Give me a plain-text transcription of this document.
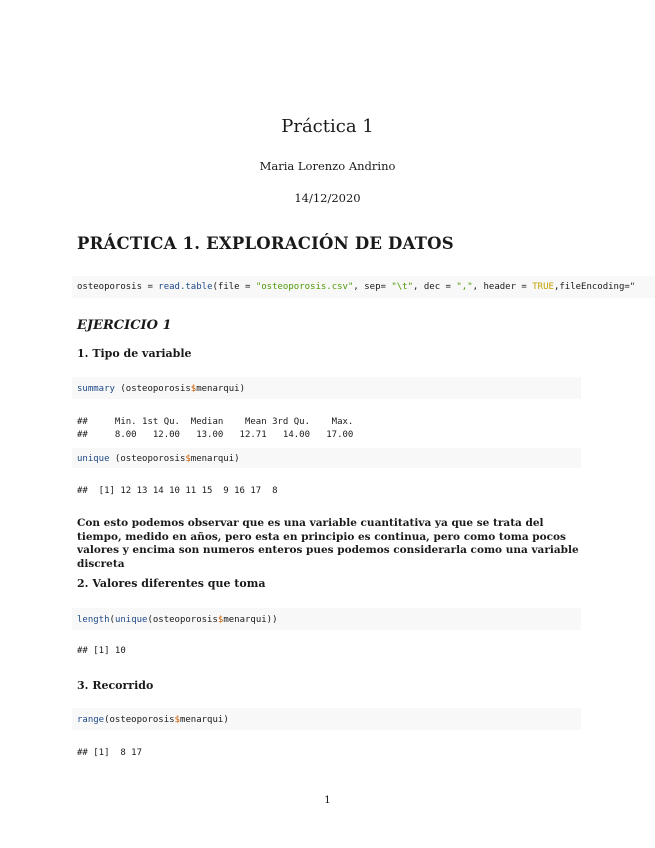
Práctica 1
Maria Lorenzo Andrino
14/12/2020
PRÁCTICA 1. EXPLORACIÓN DE DATOS
osteoporosis = read.table(file = "osteoporosis.csv", sep= "\t", dec = ",", header = TRUE,fileEncoding="
EJERCICIO 1
1. Tipo de variable
summary (osteoporosis$menarqui)
##     Min. 1st Qu.  Median    Mean 3rd Qu.    Max.
##     8.00   12.00   13.00   12.71   14.00   17.00
unique (osteoporosis$menarqui)
##  [1] 12 13 14 10 11 15  9 16 17  8
Con esto podemos observar que es una variable cuantitativa ya que se trata del tiempo, medido en años, pero esta en principio es continua, pero como toma pocos valores y encima son numeros enteros pues podemos considerarla como una variable discreta
2. Valores diferentes que toma
length(unique(osteoporosis$menarqui))
## [1] 10
3. Recorrido
range(osteoporosis$menarqui)
## [1]  8 17
1
